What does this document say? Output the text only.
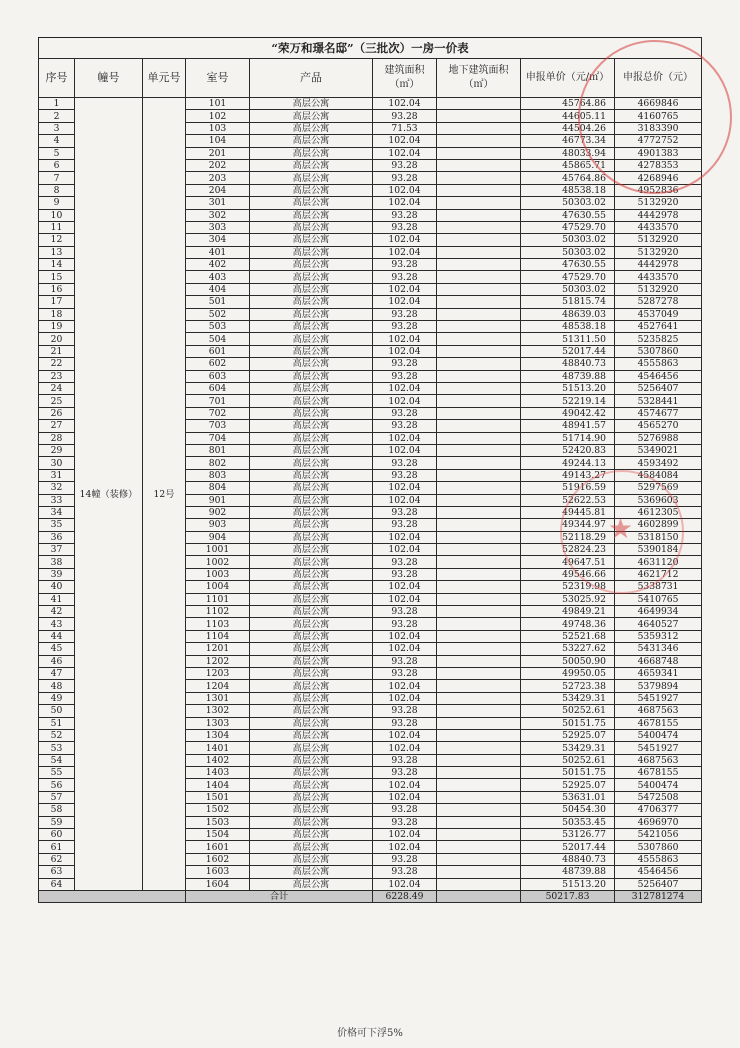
“荣万和璟名邸”（三批次）一房一价表								
序号	幢号	单元号	室号	产品	建筑面积（㎡）	地下建筑面积（㎡）	申报单价（元/㎡）	申报总价（元）
1	14幢（装修）	12号	101	高层公寓	102.04		45764.86	4669846
2			102	高层公寓	93.28		44605.11	4160765
3			103	高层公寓	71.53		44504.26	3183390
4			104	高层公寓	102.04		46773.34	4772752
5			201	高层公寓	102.04		48033.94	4901383
6			202	高层公寓	93.28		45865.71	4278353
7			203	高层公寓	93.28		45764.86	4268946
8			204	高层公寓	102.04		48538.18	4952836
9			301	高层公寓	102.04		50303.02	5132920
10			302	高层公寓	93.28		47630.55	4442978
11			303	高层公寓	93.28		47529.70	4433570
12			304	高层公寓	102.04		50303.02	5132920
13			401	高层公寓	102.04		50303.02	5132920
14			402	高层公寓	93.28		47630.55	4442978
15			403	高层公寓	93.28		47529.70	4433570
16			404	高层公寓	102.04		50303.02	5132920
17			501	高层公寓	102.04		51815.74	5287278
18			502	高层公寓	93.28		48639.03	4537049
19			503	高层公寓	93.28		48538.18	4527641
20			504	高层公寓	102.04		51311.50	5235825
21			601	高层公寓	102.04		52017.44	5307860
22			602	高层公寓	93.28		48840.73	4555863
23			603	高层公寓	93.28		48739.88	4546456
24			604	高层公寓	102.04		51513.20	5256407
25			701	高层公寓	102.04		52219.14	5328441
26			702	高层公寓	93.28		49042.42	4574677
27			703	高层公寓	93.28		48941.57	4565270
28			704	高层公寓	102.04		51714.90	5276988
29			801	高层公寓	102.04		52420.83	5349021
30			802	高层公寓	93.28		49244.13	4593492
31			803	高层公寓	93.28		49143.27	4584084
32			804	高层公寓	102.04		51916.59	5297569
33			901	高层公寓	102.04		52622.53	5369603
34			902	高层公寓	93.28		49445.81	4612305
35			903	高层公寓	93.28		49344.97	4602899
36			904	高层公寓	102.04		52118.29	5318150
37			1001	高层公寓	102.04		52824.23	5390184
38			1002	高层公寓	93.28		49647.51	4631120
39			1003	高层公寓	93.28		49546.66	4621712
40			1004	高层公寓	102.04		52319.98	5338731
41			1101	高层公寓	102.04		53025.92	5410765
42			1102	高层公寓	93.28		49849.21	4649934
43			1103	高层公寓	93.28		49748.36	4640527
44			1104	高层公寓	102.04		52521.68	5359312
45			1201	高层公寓	102.04		53227.62	5431346
46			1202	高层公寓	93.28		50050.90	4668748
47			1203	高层公寓	93.28		49950.05	4659341
48			1204	高层公寓	102.04		52723.38	5379894
49			1301	高层公寓	102.04		53429.31	5451927
50			1302	高层公寓	93.28		50252.61	4687563
51			1303	高层公寓	93.28		50151.75	4678155
52			1304	高层公寓	102.04		52925.07	5400474
53			1401	高层公寓	102.04		53429.31	5451927
54			1402	高层公寓	93.28		50252.61	4687563
55			1403	高层公寓	93.28		50151.75	4678155
56			1404	高层公寓	102.04		52925.07	5400474
57			1501	高层公寓	102.04		53631.01	5472508
58			1502	高层公寓	93.28		50454.30	4706377
59			1503	高层公寓	93.28		50353.45	4696970
60			1504	高层公寓	102.04		53126.77	5421056
61			1601	高层公寓	102.04		52017.44	5307860
62			1602	高层公寓	93.28		48840.73	4555863
63			1603	高层公寓	93.28		48739.88	4546456
64			1604	高层公寓	102.04		51513.20	5256407
			合计		6228.49		50217.83	312781274
★
价格可下浮5%
